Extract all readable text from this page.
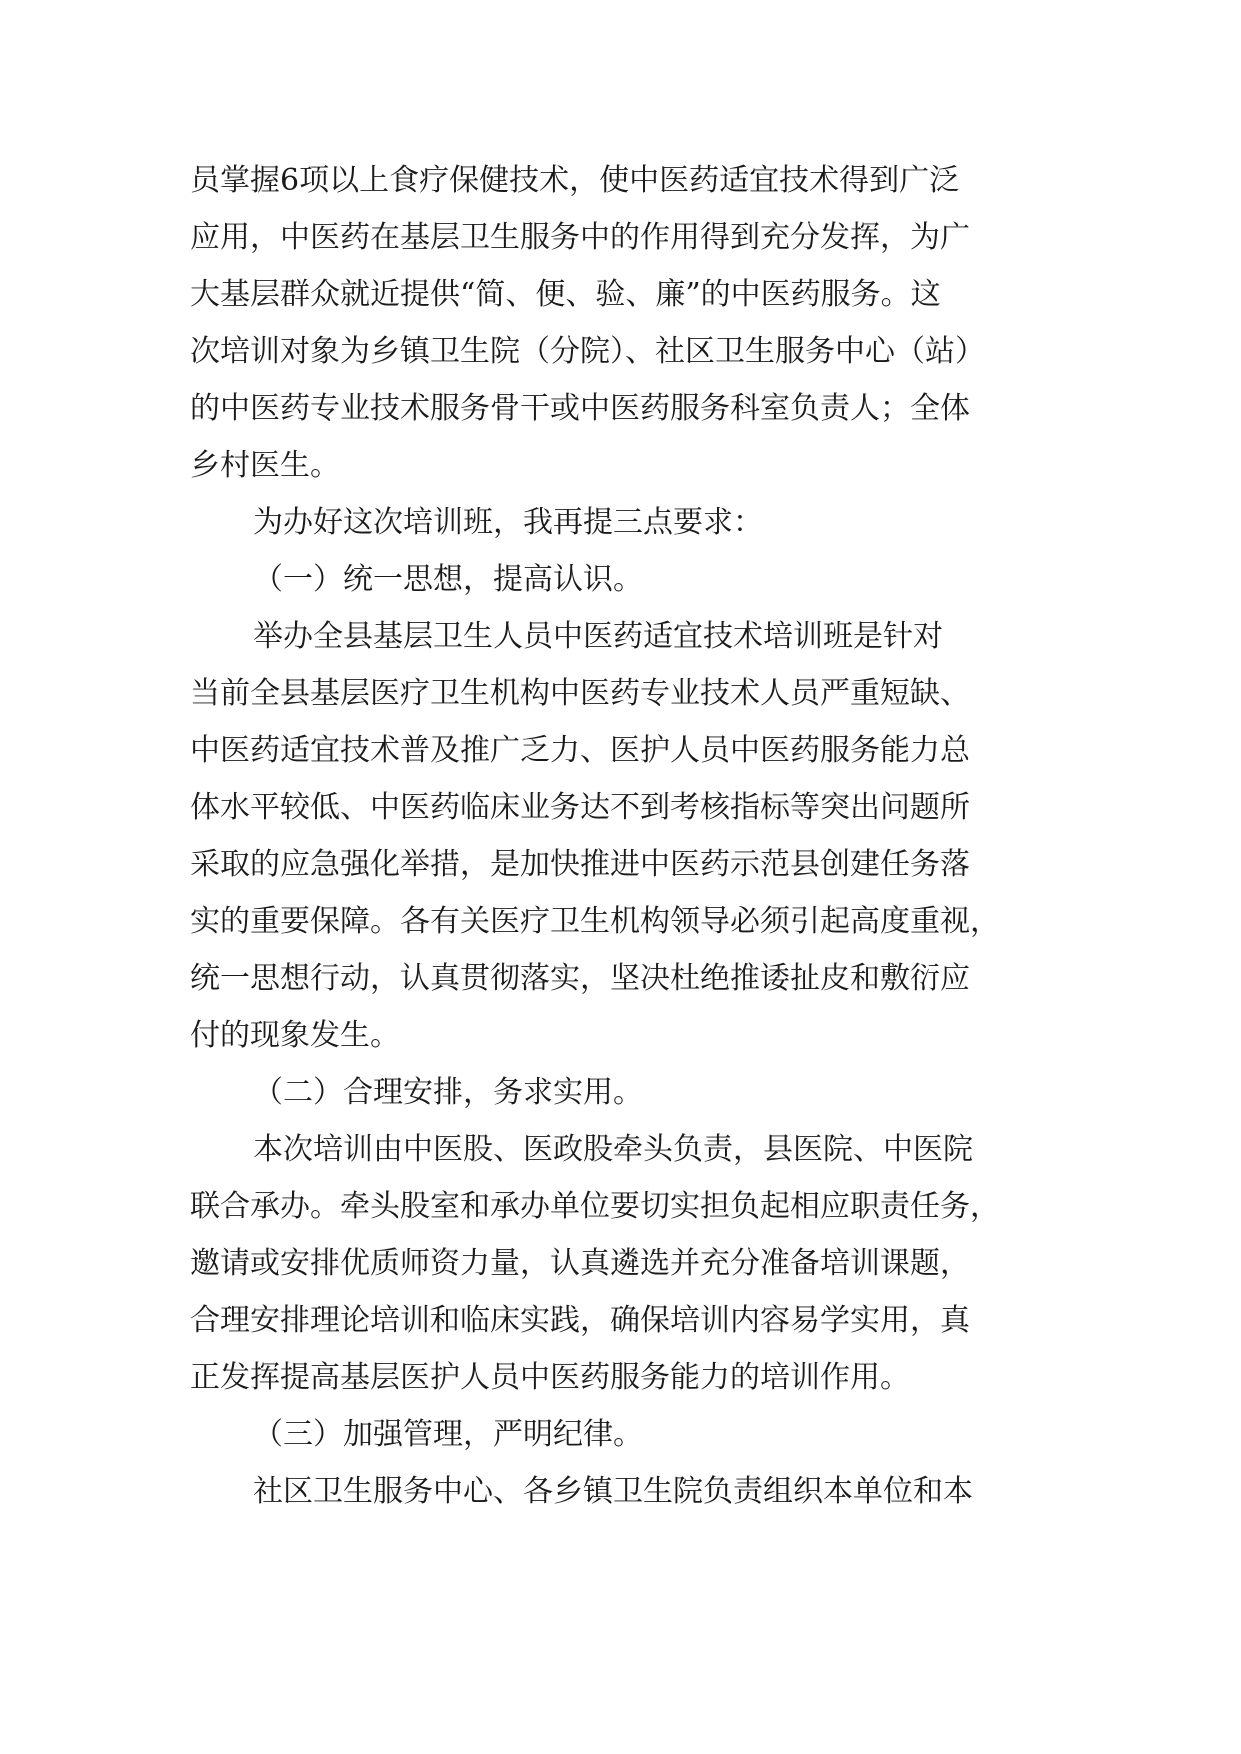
员掌握6项以上食疗保健技术，使中医药适宜技术得到广泛
应用，中医药在基层卫生服务中的作用得到充分发挥，为广
大基层群众就近提供“简、便、验、廉”的中医药服务。这
次培训对象为乡镇卫生院（分院）、社区卫生服务中心（站）
的中医药专业技术服务骨干或中医药服务科室负责人；全体
乡村医生。
为办好这次培训班，我再提三点要求：
（一）统一思想，提高认识。
举办全县基层卫生人员中医药适宜技术培训班是针对
当前全县基层医疗卫生机构中医药专业技术人员严重短缺、
中医药适宜技术普及推广乏力、医护人员中医药服务能力总
体水平较低、中医药临床业务达不到考核指标等突出问题所
采取的应急强化举措，是加快推进中医药示范县创建任务落
实的重要保障。各有关医疗卫生机构领导必须引起高度重视，
统一思想行动，认真贯彻落实，坚决杜绝推诿扯皮和敷衍应
付的现象发生。
（二）合理安排，务求实用。
本次培训由中医股、医政股牵头负责，县医院、中医院
联合承办。牵头股室和承办单位要切实担负起相应职责任务，
邀请或安排优质师资力量，认真遴选并充分准备培训课题，
合理安排理论培训和临床实践，确保培训内容易学实用，真
正发挥提高基层医护人员中医药服务能力的培训作用。
（三）加强管理，严明纪律。
社区卫生服务中心、各乡镇卫生院负责组织本单位和本
